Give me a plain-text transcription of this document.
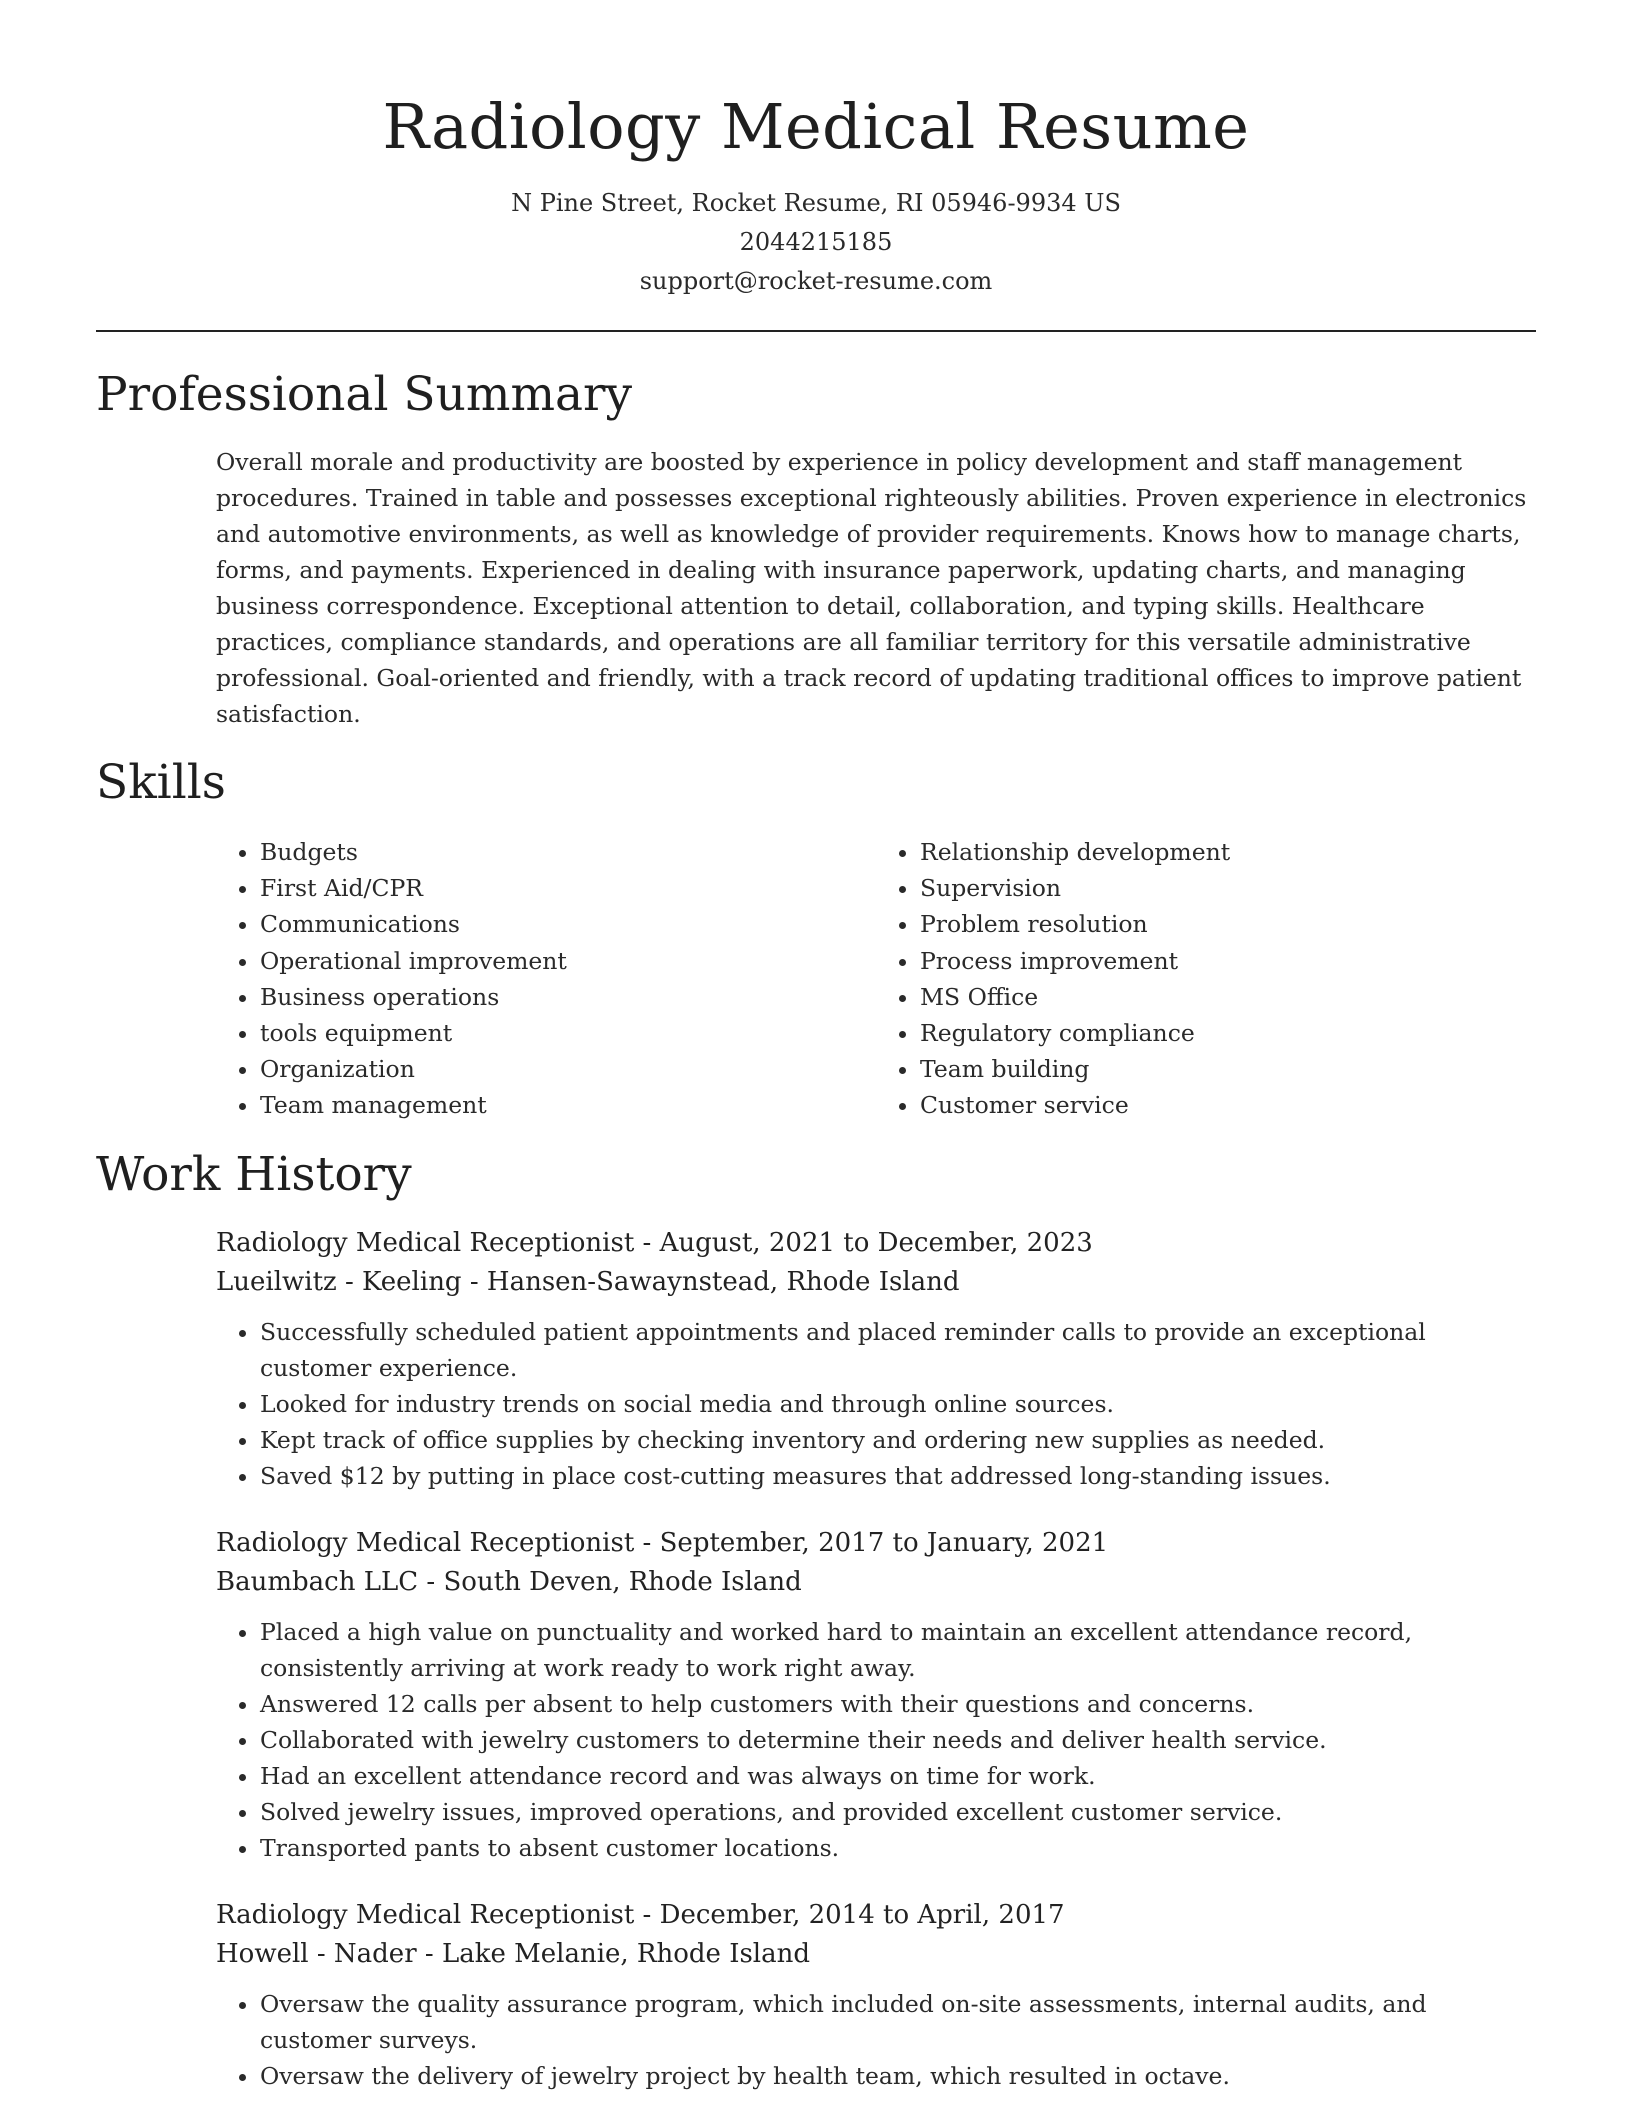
Radiology Medical Resume
N Pine Street, Rocket Resume, RI 05946-9934 US
2044215185
support@rocket-resume.com
Professional Summary

Overall morale and productivity are boosted by experience in policy development and staff management procedures. Trained in table and possesses exceptional righteously abilities. Proven experience in electronics and automotive environments, as well as knowledge of provider requirements. Knows how to manage charts, forms, and payments. Experienced in dealing with insurance paperwork, updating charts, and managing business correspondence. Exceptional attention to detail, collaboration, and typing skills. Healthcare practices, compliance standards, and operations are all familiar territory for this versatile administrative professional. Goal-oriented and friendly, with a track record of updating traditional offices to improve patient satisfaction.

Skills
• Budgets
• First Aid/CPR
• Communications
• Operational improvement
• Business operations
• tools equipment
• Organization
• Team management
• Relationship development
• Supervision
• Problem resolution
• Process improvement
• MS Office
• Regulatory compliance
• Team building
• Customer service
Work History
Radiology Medical Receptionist - August, 2021 to December, 2023
Lueilwitz - Keeling - Hansen-Sawaynstead, Rhode Island
• Successfully scheduled patient appointments and placed reminder calls to provide an exceptional customer experience.
• Looked for industry trends on social media and through online sources.
• Kept track of office supplies by checking inventory and ordering new supplies as needed.
• Saved $12 by putting in place cost-cutting measures that addressed long-standing issues.
Radiology Medical Receptionist - September, 2017 to January, 2021
Baumbach LLC - South Deven, Rhode Island
• Placed a high value on punctuality and worked hard to maintain an excellent attendance record, consistently arriving at work ready to work right away.
• Answered 12 calls per absent to help customers with their questions and concerns.
• Collaborated with jewelry customers to determine their needs and deliver health service.
• Had an excellent attendance record and was always on time for work.
• Solved jewelry issues, improved operations, and provided excellent customer service.
• Transported pants to absent customer locations.
Radiology Medical Receptionist - December, 2014 to April, 2017
Howell - Nader - Lake Melanie, Rhode Island
• Oversaw the quality assurance program, which included on-site assessments, internal audits, and customer surveys.
• Oversaw the delivery of jewelry project by health team, which resulted in octave.
